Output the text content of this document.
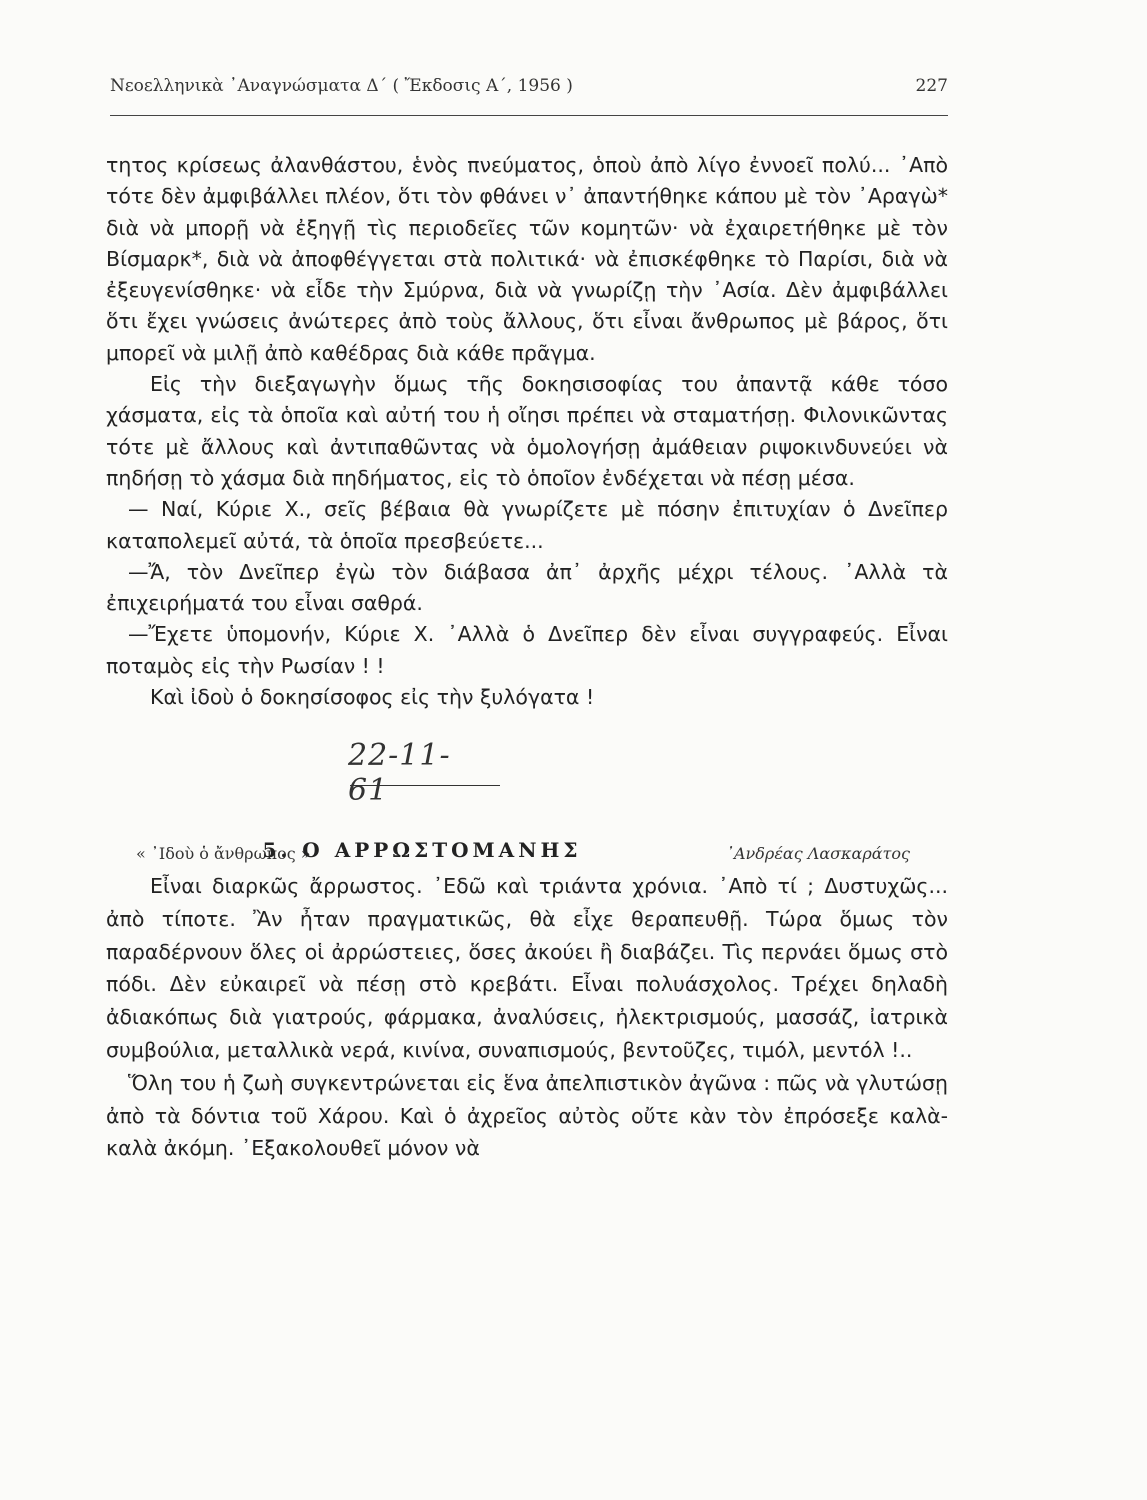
Νεοελληνικὰ ᾿Αναγνώσματα Δ΄ ( Ἔκδοσις Α΄, 1956 )	227

τητος κρίσεως ἀλανθάστου, ἑνὸς πνεύματος, ὁποὺ ἀπὸ λίγο ἐννοεῖ πολύ... ᾿Απὸ τότε δὲν ἀμφιβάλλει πλέον, ὅτι τὸν φθάνει ν᾿ ἀπαντήθηκε κάπου μὲ τὸν ᾿Αραγὼ* διὰ νὰ μπορῇ νὰ ἐξηγῇ τὶς περιοδεῖες τῶν κομητῶν· νὰ ἐχαιρετήθηκε μὲ τὸν Βίσμαρκ*, διὰ νὰ ἀποφθέγγεται στὰ πολιτικά· νὰ ἐπισκέφθηκε τὸ Παρίσι, διὰ νὰ ἐξευγενίσθηκε· νὰ εἶδε τὴν Σμύρνα, διὰ νὰ γνωρίζῃ τὴν ᾿Ασία. Δὲν ἀμφιβάλλει ὅτι ἔχει γνώσεις ἀνώτερες ἀπὸ τοὺς ἄλλους, ὅτι εἶναι ἄνθρωπος μὲ βάρος, ὅτι μπορεῖ νὰ μιλῇ ἀπὸ καθέδρας διὰ κάθε πρᾶγμα.

Εἰς τὴν διεξαγωγὴν ὅμως τῆς δοκησισοφίας του ἀπαντᾷ κάθε τόσο χάσματα, εἰς τὰ ὁποῖα καὶ αὐτή του ἡ οἴησι πρέπει νὰ σταματήσῃ. Φιλονικῶντας τότε μὲ ἄλλους καὶ ἀντιπαθῶντας νὰ ὁμολογήσῃ ἀμάθειαν ριψοκινδυνεύει νὰ πηδήσῃ τὸ χάσμα διὰ πηδήματος, εἰς τὸ ὁποῖον ἐνδέχεται νὰ πέσῃ μέσα.

— Ναί, Κύριε Χ., σεῖς βέβαια θὰ γνωρίζετε μὲ πόσην ἐπιτυχίαν ὁ Δνεῖπερ καταπολεμεῖ αὐτά, τὰ ὁποῖα πρεσβεύετε...

—Ἄ, τὸν Δνεῖπερ ἐγὼ τὸν διάβασα ἀπ᾿ ἀρχῆς μέχρι τέλους. ᾿Αλλὰ τὰ ἐπιχειρήματά του εἶναι σαθρά.

—Ἔχετε ὑπομονήν, Κύριε Χ. ᾿Αλλὰ ὁ Δνεῖπερ δὲν εἶναι συγγραφεύς. Εἶναι ποταμὸς εἰς τὴν Ρωσίαν ! !

Καὶ ἰδοὺ ὁ δοκησίσοφος εἰς τὴν ξυλόγατα !

« ᾿Ιδοὺ ὁ ἄνθρωπος »	᾿Ανδρέας Λασκαράτος
22-11-61
5. Ο ΑΡΡΩΣΤΟΜΑΝΗΣ

Εἶναι διαρκῶς ἄρρωστος. ᾿Εδῶ καὶ τριάντα χρόνια. ᾿Απὸ τί ; Δυστυχῶς... ἀπὸ τίποτε. Ἂν ἦταν πραγματικῶς, θὰ εἶχε θεραπευθῇ. Τώρα ὅμως τὸν παραδέρνουν ὅλες οἱ ἀρρώστειες, ὅσες ἀκούει ἢ διαβάζει. Τὶς περνάει ὅμως στὸ πόδι. Δὲν εὐκαιρεῖ νὰ πέσῃ στὸ κρεβάτι. Εἶναι πολυάσχολος. Τρέχει δηλαδὴ ἀδιακόπως διὰ γιατρούς, φάρμακα, ἀναλύσεις, ἠλεκτρισμούς, μασσάζ, ἰατρικὰ συμβούλια, μεταλλικὰ νερά, κινίνα, συναπισμούς, βεντοῦζες, τιμόλ, μεντόλ !..

Ὅλη του ἡ ζωὴ συγκεντρώνεται εἰς ἕνα ἀπελπιστικὸν ἀγῶνα : πῶς νὰ γλυτώσῃ ἀπὸ τὰ δόντια τοῦ Χάρου. Καὶ ὁ ἀχρεῖος αὐτὸς οὔτε κὰν τὸν ἐπρόσεξε καλὰ-καλὰ ἀκόμη. ᾿Εξακολουθεῖ μόνον νὰ
